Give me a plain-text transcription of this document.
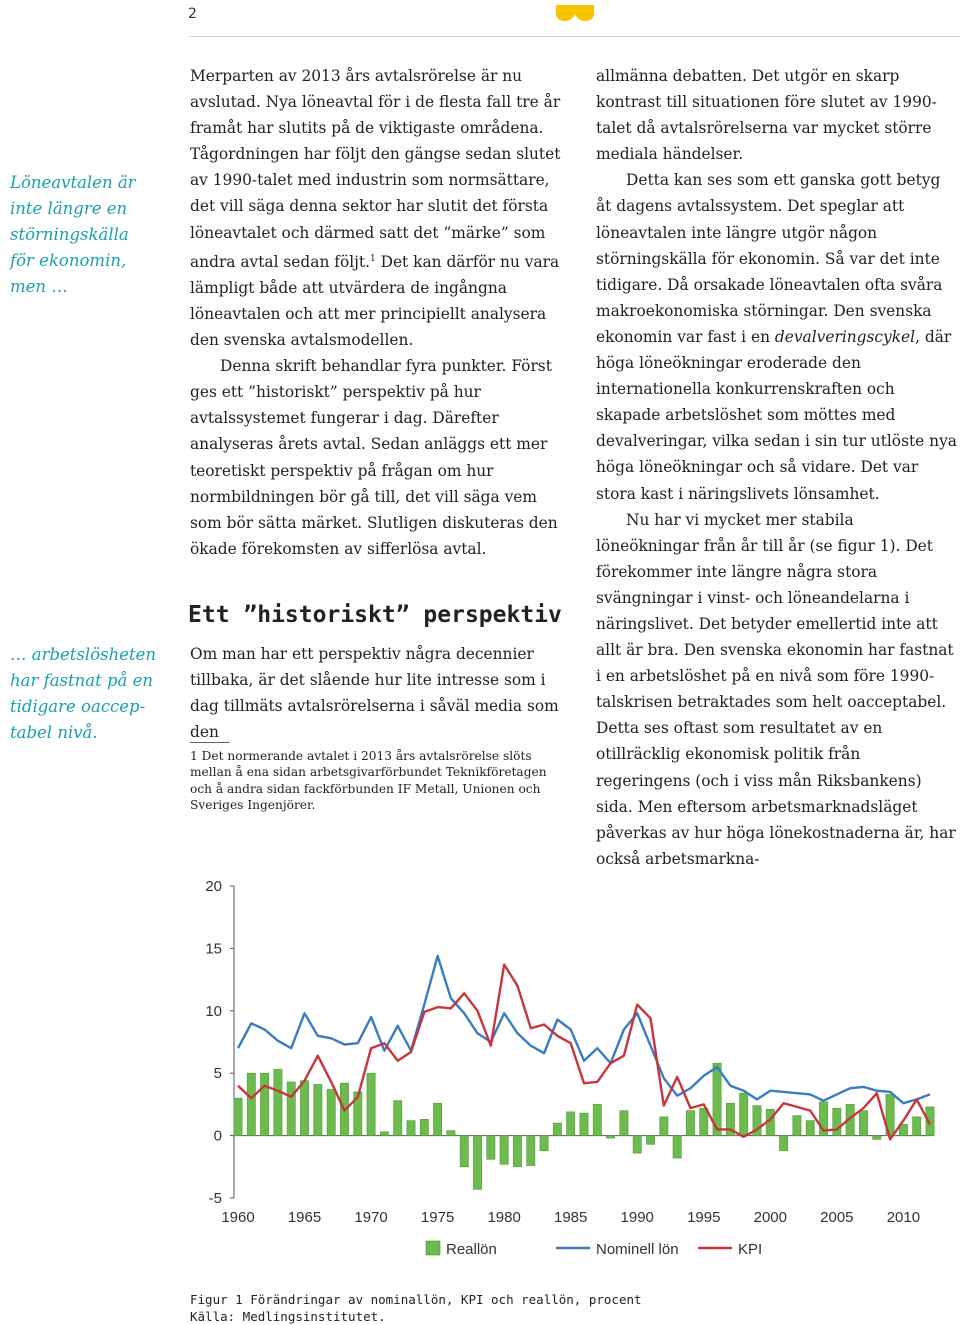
2

Löneavtalen är

inte längre en

störningskälla

för ekonomin,

men …

… arbetslösheten

har fastnat på en

tidigare oaccep-

tabel nivå.

Merparten av 2013 års avtalsrörelse är nu avslutad. Nya löneavtal för i de flesta fall tre år framåt har slutits på de viktigaste områdena. Tågordningen har följt den gängse sedan slutet av 1990-talet med industrin som normsättare, det vill säga denna sektor har slutit det första löneavtalet och därmed satt det ”märke” som andra avtal sedan följt.$^1$ Det kan därför nu vara lämpligt både att utvärdera de ingångna löneavtalen och att mer principiellt analysera den svenska avtalsmodellen.

Denna skrift behandlar fyra punkter. Först ges ett ”historiskt” perspektiv på hur avtalssystemet fungerar i dag. Därefter analyseras årets avtal. Sedan anläggs ett mer teoretiskt perspektiv på frågan om hur normbildningen bör gå till, det vill säga vem som bör sätta märket. Slutligen diskuteras den ökade förekomsten av sifferlösa avtal.

Ett ”historiskt” perspektiv

Om man har ett perspektiv några decennier tillbaka, är det slående hur lite intresse som i dag tillmäts avtalsrörelserna i såväl media som den

1 Det normerande avtalet i 2013 års avtalsrörelse slöts mellan å ena sidan arbetsgivarförbundet Teknikföretagen och å andra sidan fackförbunden IF Metall, Unionen och Sveriges Ingenjörer.

allmänna debatten. Det utgör en skarp kontrast till situationen före slutet av 1990-talet då avtalsrörelserna var mycket större mediala händelser.

Detta kan ses som ett ganska gott betyg åt dagens avtalssystem. Det speglar att löneavtalen inte längre utgör någon störningskälla för ekonomin. Så var det inte tidigare. Då orsakade löneavtalen ofta svåra makroekonomiska störningar. Den svenska ekonomin var fast i en devalveringscykel, där höga löneökningar eroderade den internationella konkurrenskraften och skapade arbetslöshet som möttes med devalveringar, vilka sedan i sin tur utlöste nya höga löneökningar och så vidare. Det var stora kast i näringslivets lönsamhet.

Nu har vi mycket mer stabila löneökningar från år till år (se figur 1). Det förekommer inte längre några stora svängningar i vinst- och löneandelarna i näringslivet. Det betyder emellertid inte att allt är bra. Den svenska ekonomin har fastnat i en arbetslöshet på en nivå som före 1990-talskrisen betraktades som helt oacceptabel. Detta ses oftast som resultatet av en otillräcklig ekonomisk politik från regeringens (och i viss mån Riksbankens) sida. Men eftersom arbetsmarknadsläget påverkas av hur höga lönekostnaderna är, har också arbetsmarkna-

20
15
10
5
0
-5
1960 1965 1970 1975 1980 1985 1990 1995 2000 2005 2010
Reallön	Nominell lön	KPI
Figur 1 Förändringar av nominallön, KPI och reallön, procent
Källa: Medlingsinstitutet.
